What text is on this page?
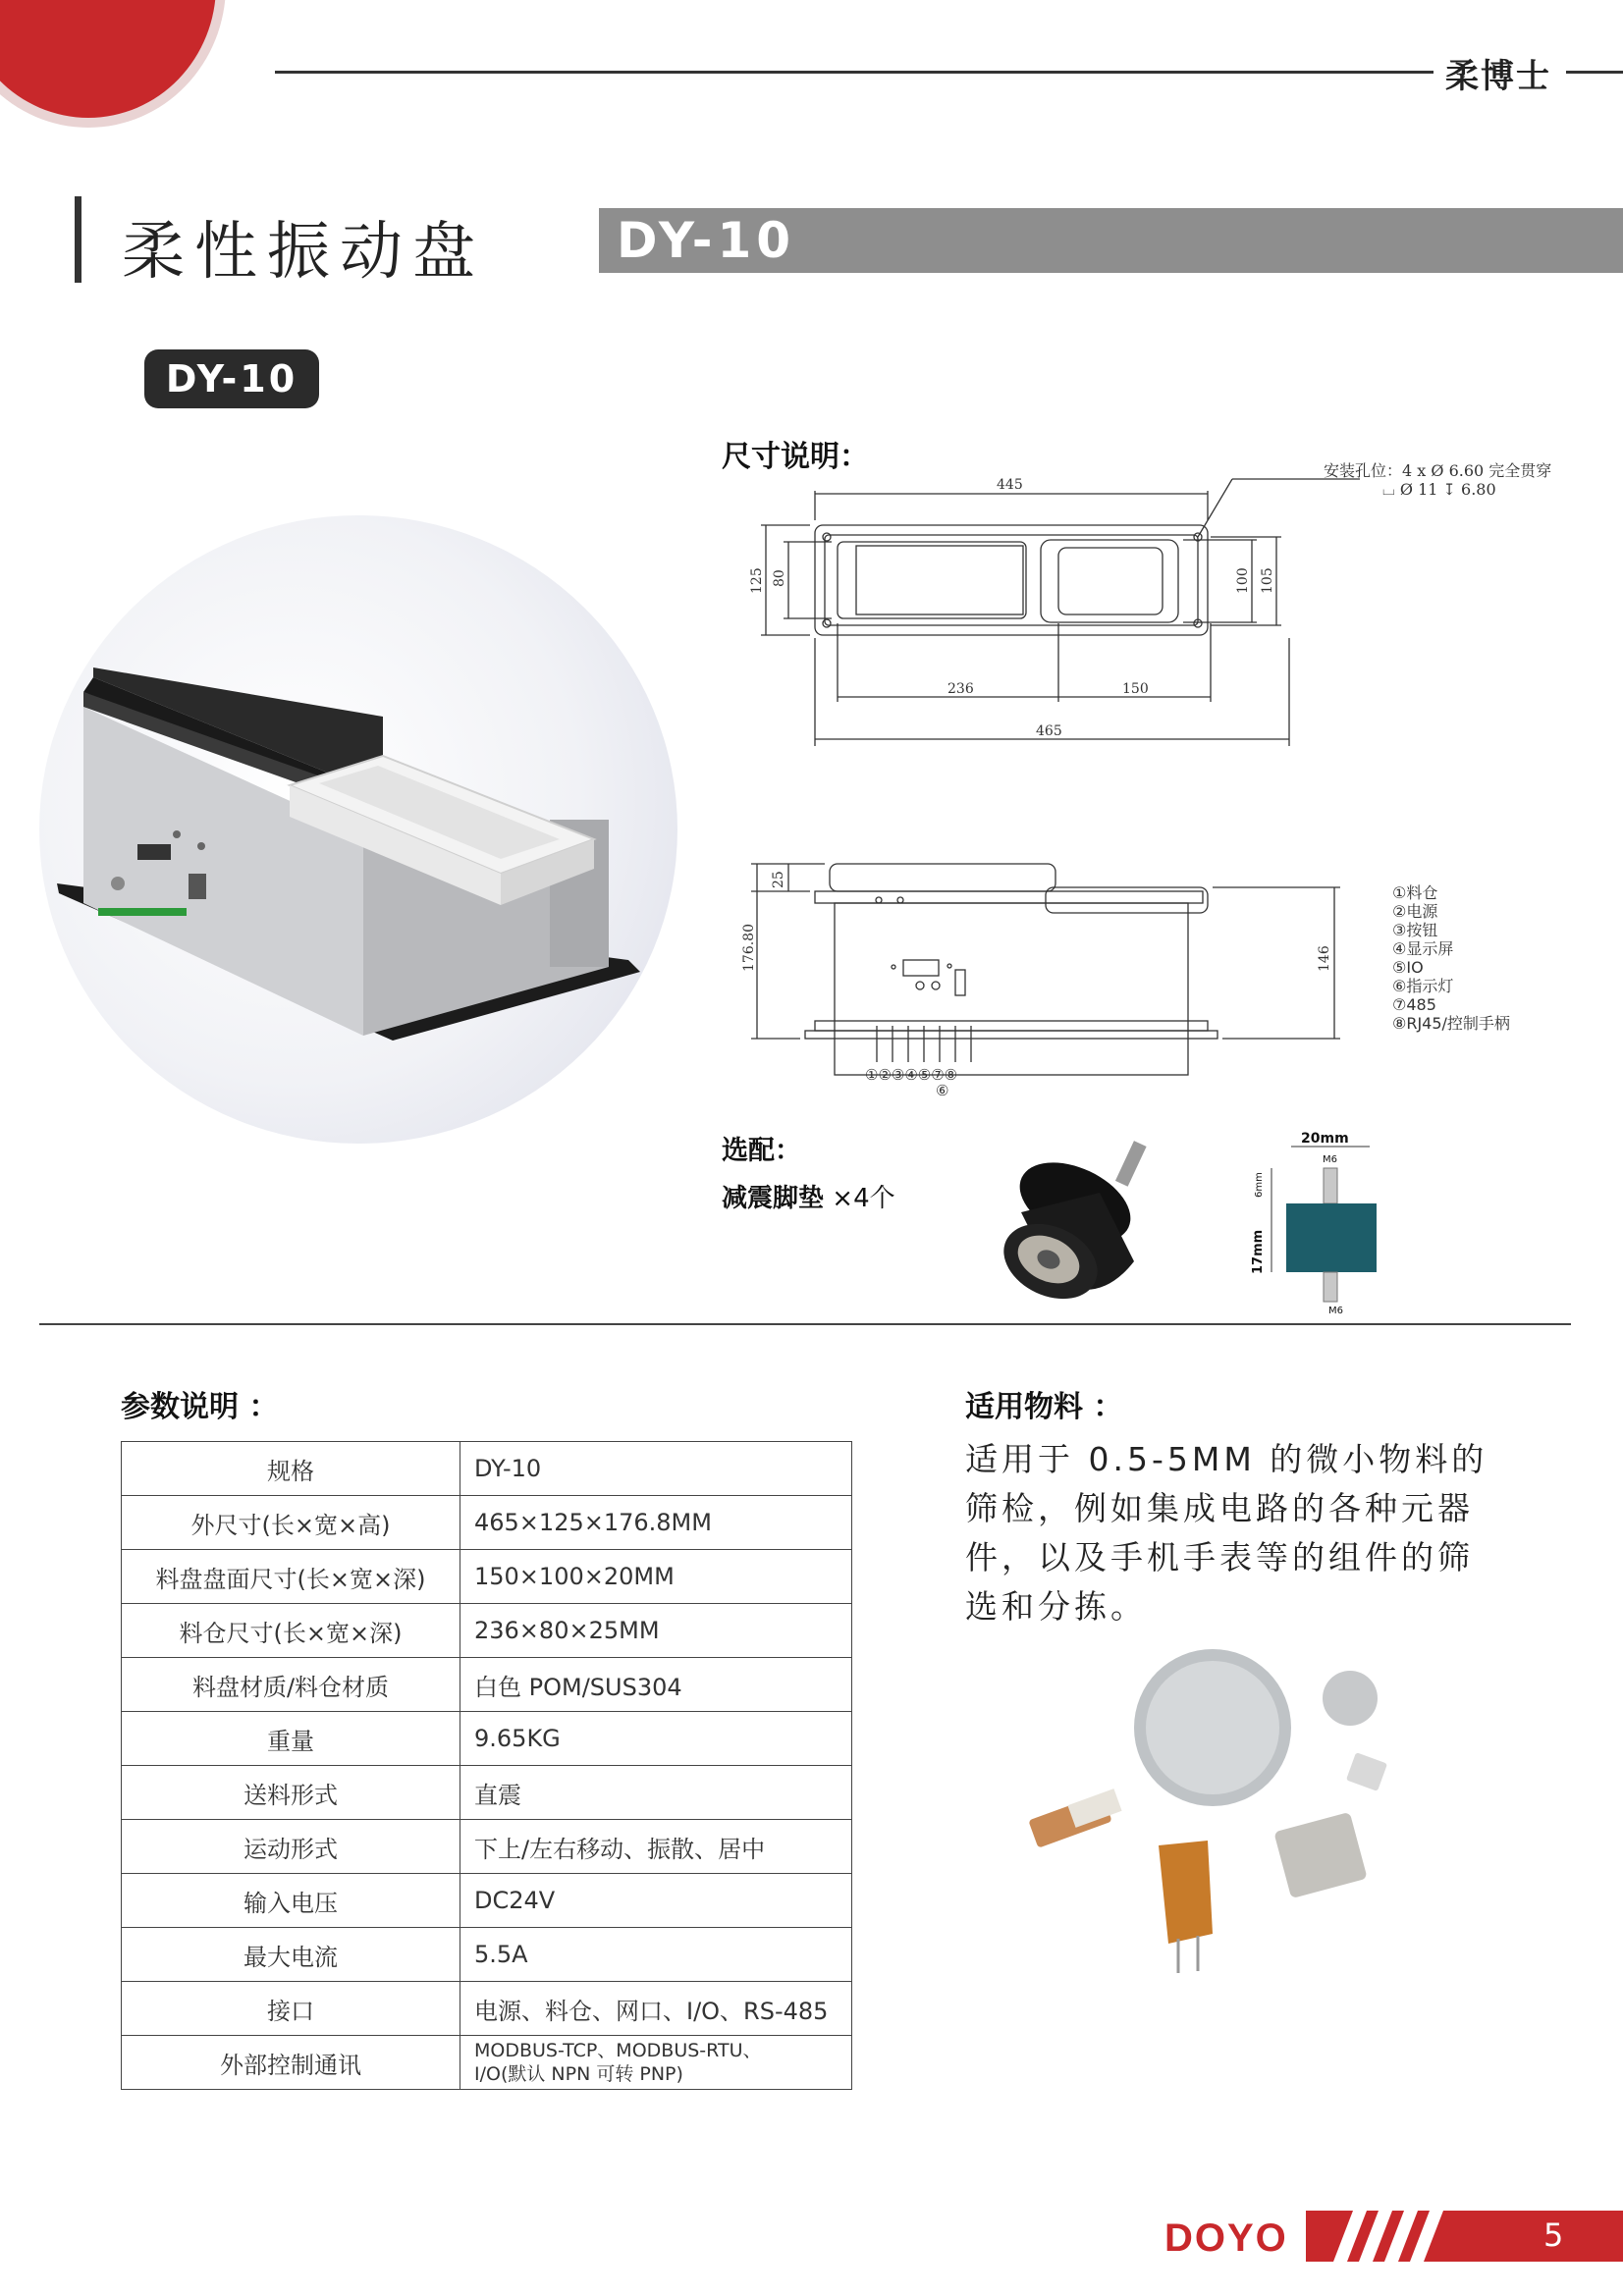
柔博士
柔性振动盘	DY-10
DY-10
尺寸说明：	安装孔位：4 x Ø 6.60 完全贯穿
⌴ Ø 11 ↧ 6.80
445
236	150
465
125 80	100 105
25
176.80	146
①②③④⑤⑦⑧
⑥
①料仓
②电源
③按钮
④显示屏
⑤IO
⑥指示灯
⑦485
⑧RJ45/控制手柄
选配：
减震脚垫 ×4个
20mm
M6
M6
6mm
17mm
参数说明 ：
规格	DY-10
外尺寸(长×宽×高)	465×125×176.8MM
料盘盘面尺寸(长×宽×深)	150×100×20MM
料仓尺寸(长×宽×深)	236×80×25MM
料盘材质/料仓材质	白色 POM/SUS304
重量	9.65KG
送料形式	直震
运动形式	下上/左右移动、振散、居中
输入电压	DC24V
最大电流	5.5A
接口	电源、料仓、网口、I/O、RS-485
外部控制通讯	MODBUS-TCP、MODBUS-RTU、
I/O(默认 NPN 可转 PNP)
适用物料 ：
适用于 0.5-5MM 的微小物料的筛检，例如集成电路的各种元器件，以及手机手表等的组件的筛选和分拣。
DOYO	5
